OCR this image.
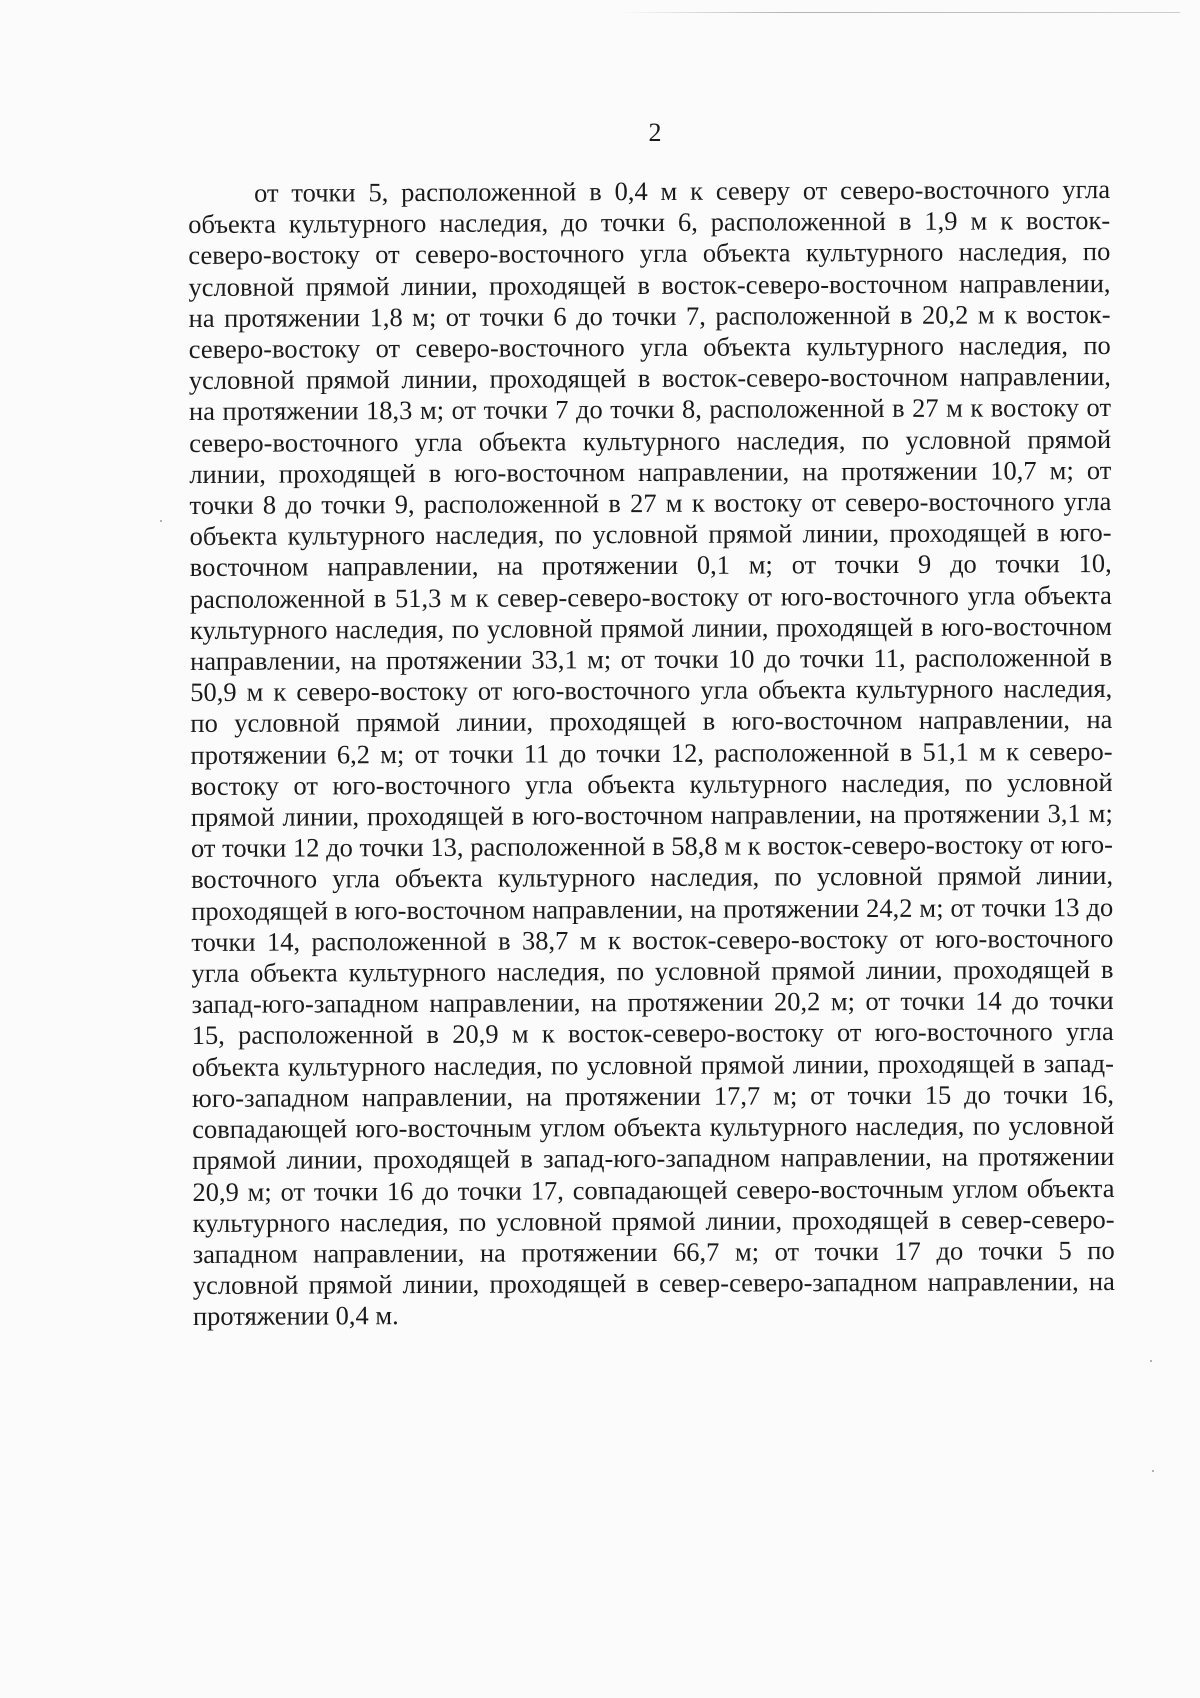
2

от точки 5, расположенной в 0,4 м к северу от северо-восточного угла объекта культурного наследия, до точки 6, расположенной в 1,9 м к восток-северо-востоку от северо-восточного угла объекта культурного наследия, по условной прямой линии, проходящей в восток-северо-восточном направлении, на протяжении 1,8 м; от точки 6 до точки 7, расположенной в 20,2 м к восток-северо-востоку от северо-восточного угла объекта культурного наследия, по условной прямой линии, проходящей в восток-северо-восточном направлении, на протяжении 18,3 м; от точки 7 до точки 8, расположенной в 27 м к востоку от северо-восточного угла объекта культурного наследия, по условной прямой линии, проходящей в юго-восточном направлении, на протяжении 10,7 м; от точки 8 до точки 9, расположенной в 27 м к востоку от северо-восточного угла объекта культурного наследия, по условной прямой линии, проходящей в юго-восточном направлении, на протяжении 0,1 м; от точки 9 до точки 10, расположенной в 51,3 м к север-северо-востоку от юго-восточного угла объекта культурного наследия, по условной прямой линии, проходящей в юго-восточном направлении, на протяжении 33,1 м; от точки 10 до точки 11, расположенной в 50,9 м к северо-востоку от юго-восточного угла объекта культурного наследия, по условной прямой линии, проходящей в юго-восточном направлении, на протяжении 6,2 м; от точки 11 до точки 12, расположенной в 51,1 м к северо-востоку от юго-восточного угла объекта культурного наследия, по условной прямой линии, проходящей в юго-восточном направлении, на протяжении 3,1 м; от точки 12 до точки 13, расположенной в 58,8 м к восток-северо-востоку от юго-восточного угла объекта культурного наследия, по условной прямой линии, проходящей в юго-восточном направлении, на протяжении 24,2 м; от точки 13 до точки 14, расположенной в 38,7 м к восток-северо-востоку от юго-восточного угла объекта культурного наследия, по условной прямой линии, проходящей в запад-юго-западном направлении, на протяжении 20,2 м; от точки 14 до точки 15, расположенной в 20,9 м к восток-северо-востоку от юго-восточного угла объекта культурного наследия, по условной прямой линии, проходящей в запад-юго-западном направлении, на протяжении 17,7 м; от точки 15 до точки 16, совпадающей юго-восточным углом объекта культурного наследия, по условной прямой линии, проходящей в запад-юго-западном направлении, на протяжении 20,9 м; от точки 16 до точки 17, совпадающей северо-восточным углом объекта культурного наследия, по условной прямой линии, проходящей в север-северо-западном направлении, на протяжении 66,7 м; от точки 17 до точки 5 по условной прямой линии, проходящей в север-северо-западном направлении, на протяжении 0,4 м.
